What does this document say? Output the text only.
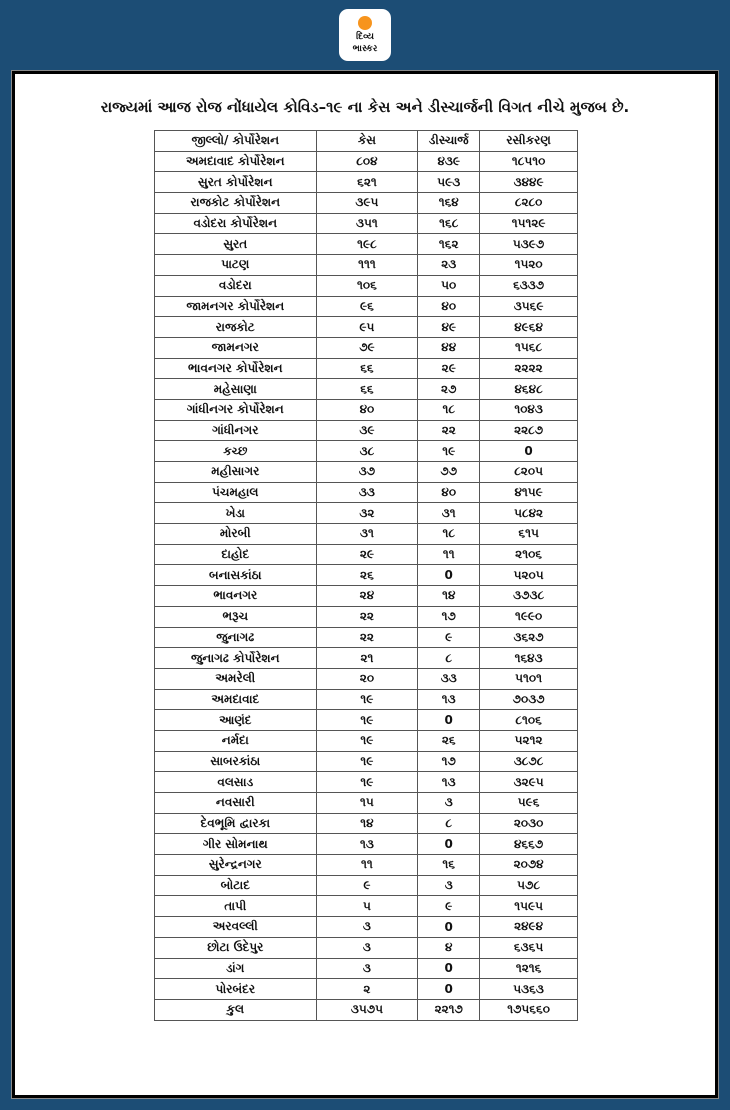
દિવ્ય
ભાસ્કર
રાજ્યમાં આજ રોજ નોંધાયેલ કોવિડ–૧૯ ના કેસ અને ડીસ્ચાર્જની વિગત નીચે મુજબ છે.
જીલ્લો/ કોર્પોરેશન	કેસ	ડીસ્ચાર્જ	રસીકરણ
અમદાવાદ કોર્પોરેશન	૮૦૪	૪૩૯	૧૮૫૧૦
સુરત કોર્પોરેશન	૬૨૧	૫૯૩	૩૪૪૯
રાજકોટ કોર્પોરેશન	૩૯૫	૧૬૪	૮૨૮૦
વડોદરા કોર્પોરેશન	૩૫૧	૧૬૮	૧૫૧૨૯
સુરત	૧૯૮	૧૬૨	૫૩૯૭
પાટણ	૧૧૧	૨૩	૧૫૨૦
વડોદરા	૧૦૬	૫૦	૬૩૩૭
જામનગર કોર્પોરેશન	૯૬	૪૦	૩૫૬૯
રાજકોટ	૯૫	૪૯	૪૯૬૪
જામનગર	૭૯	૪૪	૧૫૬૮
ભાવનગર કોર્પોરેશન	૬૬	૨૯	૨૨૨૨
મહેસાણા	૬૬	૨૭	૪૬૪૮
ગાંધીનગર કોર્પોરેશન	૪૦	૧૮	૧૦૪૩
ગાંધીનગર	૩૯	૨૨	૨૨૮૭
કચ્છ	૩૮	૧૯	0
મહીસાગર	૩૭	૭૭	૮૨૦૫
પંચમહાલ	૩૩	૪૦	૪૧૫૯
ખેડા	૩૨	૩૧	૫૮૪૨
મોરબી	૩૧	૧૮	૬૧૫
દાહોદ	૨૯	૧૧	૨૧૦૬
બનાસકાંઠા	૨૬	0	૫૨૦૫
ભાવનગર	૨૪	૧૪	૩૭૩૮
ભરૂચ	૨૨	૧૭	૧૯૯૦
જુનાગઢ	૨૨	૯	૩૬૨૭
જુનાગઢ કોર્પોરેશન	૨૧	૮	૧૬૪૩
અમરેલી	૨૦	૩૩	૫૧૦૧
અમદાવાદ	૧૯	૧૩	૭૦૩૭
આણંદ	૧૯	0	૮૧૦૬
નર્મદા	૧૯	૨૬	૫૨૧૨
સાબરકાંઠા	૧૯	૧૭	૩૮૭૮
વલસાડ	૧૯	૧૩	૩૨૯૫
નવસારી	૧૫	૩	૫૯૬
દેવભૂમિ દ્વારકા	૧૪	૮	૨૦૩૦
ગીર સોમનાથ	૧૩	0	૪૬૬૭
સુરેન્દ્રનગર	૧૧	૧૬	૨૦૭૪
બોટાદ	૯	૩	૫૭૮
તાપી	૫	૯	૧૫૯૫
અરવલ્લી	૩	0	૨૪૯૪
છોટા ઉદેપુર	૩	૪	૬૩૬૫
ડાંગ	૩	0	૧૨૧૬
પોરબંદર	૨	0	૫૩૬૩
કુલ	૩૫૭૫	૨૨૧૭	૧૭૫૬૬૦
